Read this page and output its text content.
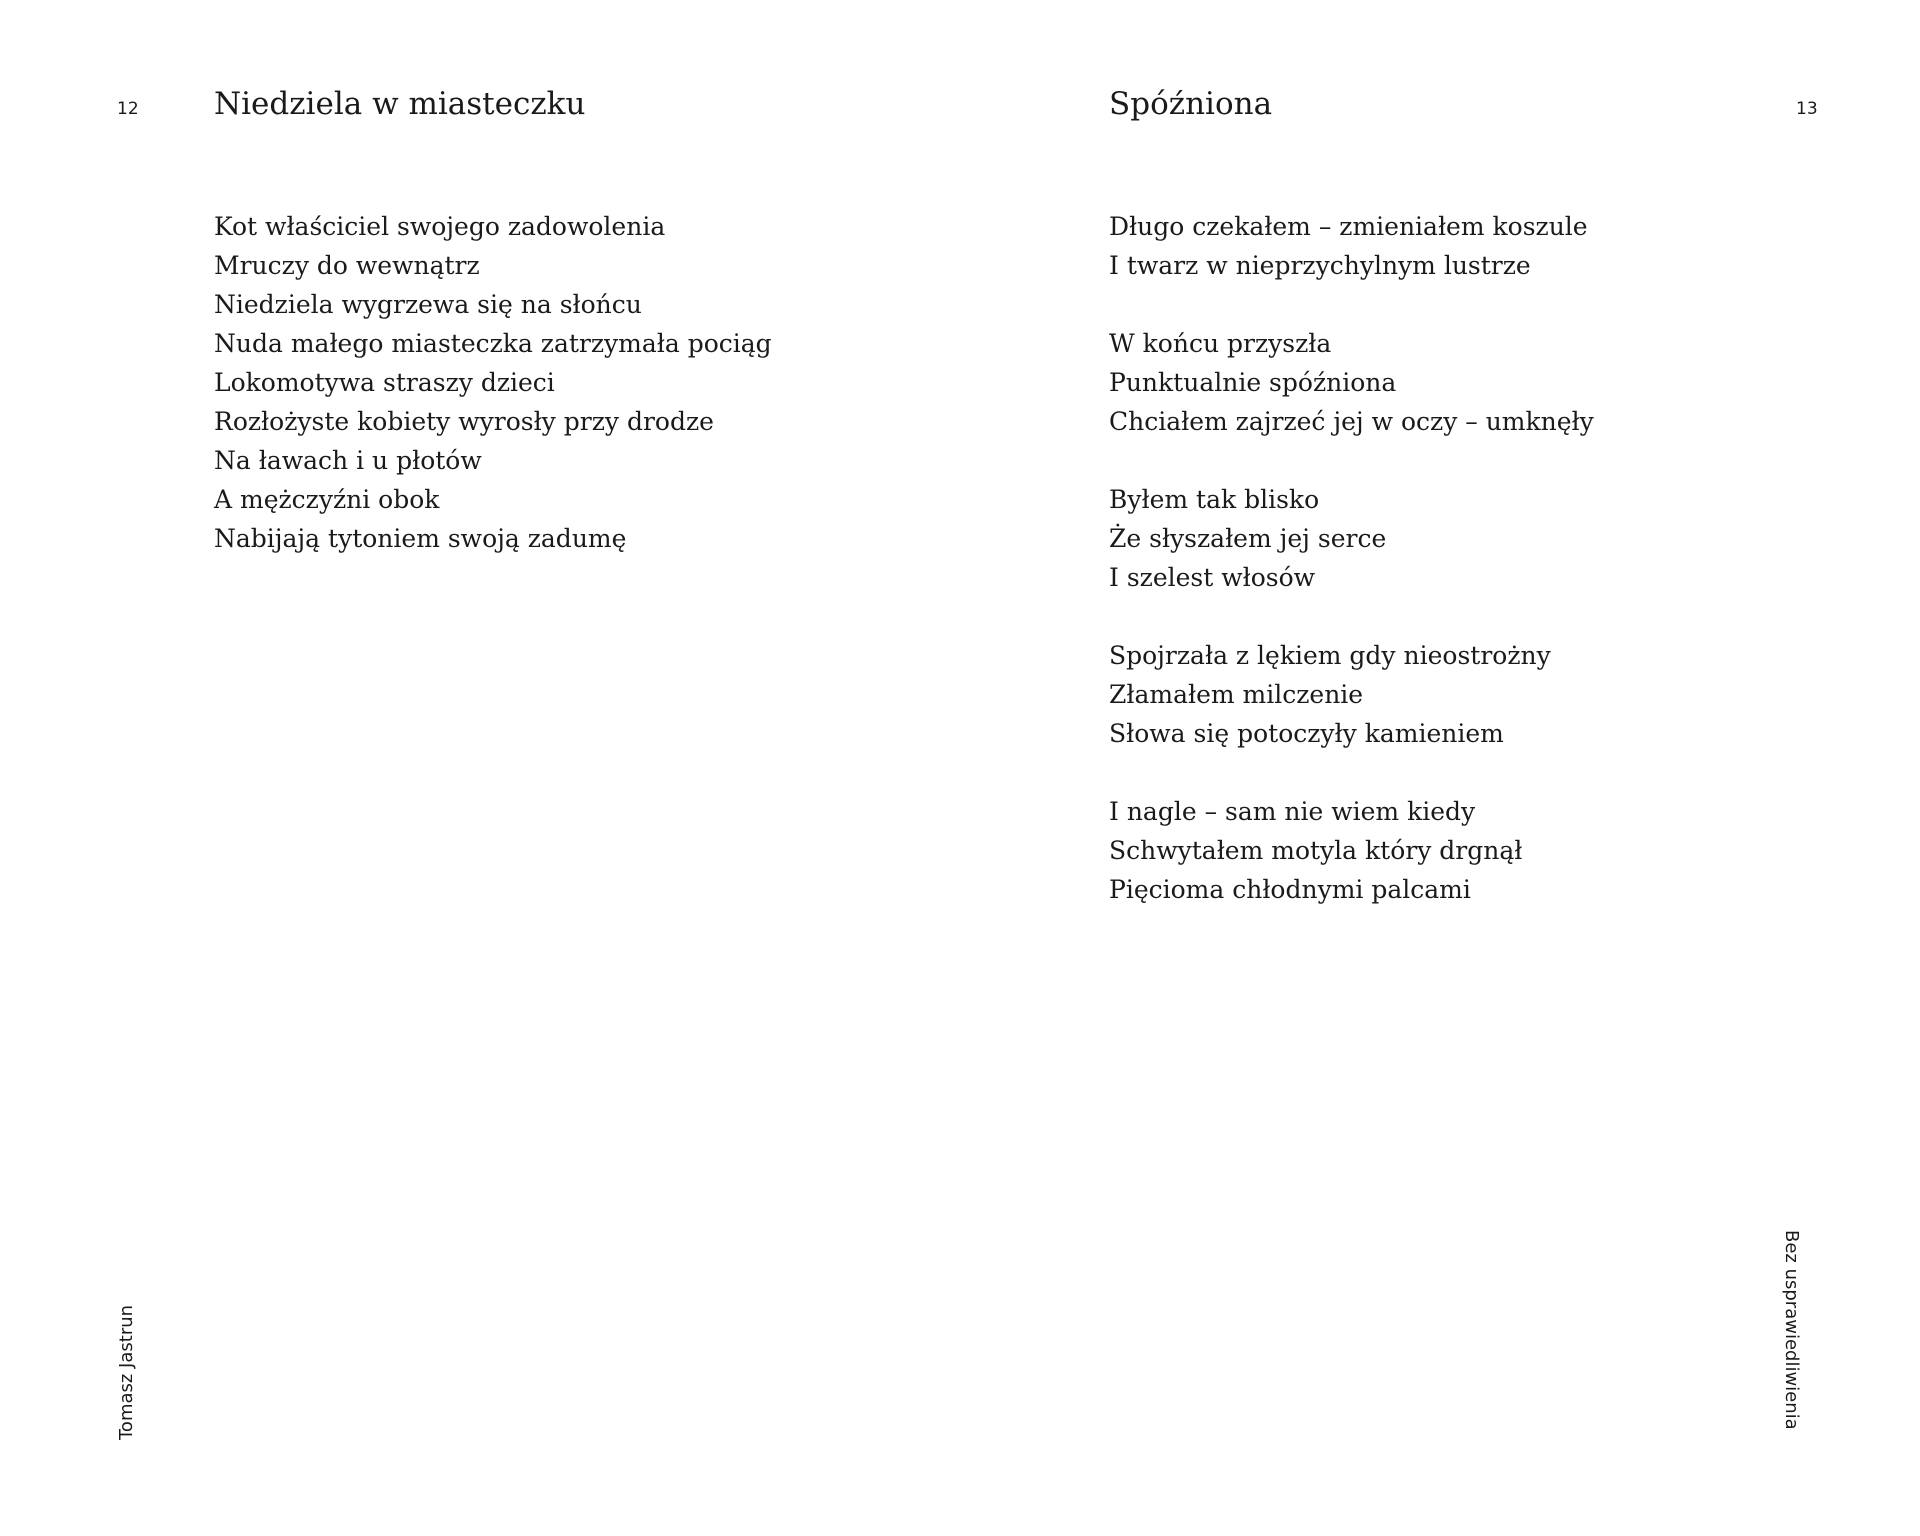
12 Niedziela w miasteczku
Kot właściciel swojego zadowolenia
Mruczy do wewnątrz
Niedziela wygrzewa się na słońcu
Nuda małego miasteczka zatrzymała pociąg
Lokomotywa straszy dzieci
Rozłożyste kobiety wyrosły przy drodze
Na ławach i u płotów
A mężczyźni obok
Nabijają tytoniem swoją zadumę
Tomasz Jastrun
13
Spóźniona
Długo czekałem – zmieniałem koszule
I twarz w nieprzychylnym lustrze
W końcu przyszła
Punktualnie spóźniona
Chciałem zajrzeć jej w oczy – umknęły
Byłem tak blisko
Że słyszałem jej serce
I szelest włosów
Spojrzała z lękiem gdy nieostrożny
Złamałem milczenie
Słowa się potoczyły kamieniem
I nagle – sam nie wiem kiedy
Schwytałem motyla który drgnął
Pięcioma chłodnymi palcami
Bez usprawiedliwienia
